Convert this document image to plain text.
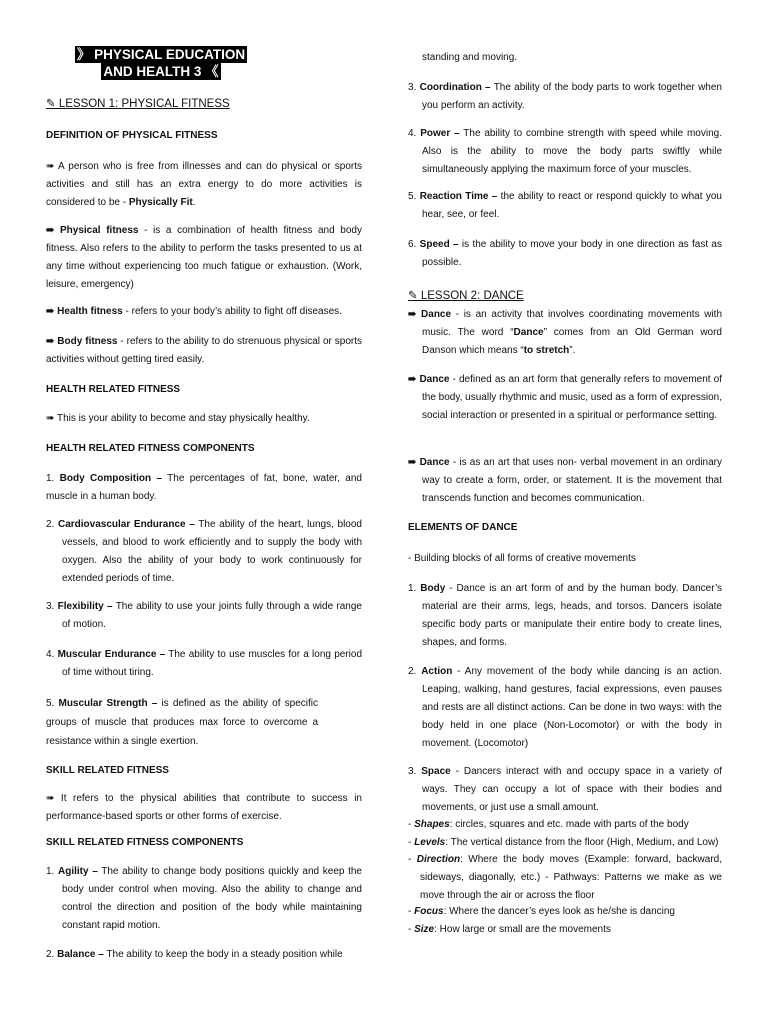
》 PHYSICAL EDUCATION
AND HEALTH 3 《
✎ LESSON 1: PHYSICAL FITNESS
DEFINITION OF PHYSICAL FITNESS

➠ A person who is free from illnesses and can do physical or sports activities and still has an extra energy to do more activities is considered to be - Physically Fit.

➠ Physical fitness - is a combination of health fitness and body fitness. Also refers to the ability to perform the tasks presented to us at any time without experiencing too much fatigue or exhaustion. (Work, leisure, emergency)

➠ Health fitness - refers to your body’s ability to fight off diseases.

➠ Body fitness - refers to the ability to do strenuous physical or sports activities without getting tired easily.

HEALTH RELATED FITNESS

➠ This is your ability to become and stay physically healthy.

HEALTH RELATED FITNESS COMPONENTS

1. Body Composition – The percentages of fat, bone, water, and muscle in a human body.

2. Cardiovascular Endurance – The ability of the heart, lungs, blood vessels, and blood to work efficiently and to supply the body with oxygen. Also the ability of your body to work continuously for extended periods of time.

3. Flexibility – The ability to use your joints fully through a wide range of motion.

4. Muscular Endurance – The ability to use muscles for a long period of time without tiring.

5. Muscular Strength – is defined as the ability of specific groups of muscle that produces max force to overcome a resistance within a single exertion.

SKILL RELATED FITNESS

➠ It refers to the physical abilities that contribute to success in performance-based sports or other forms of exercise.

SKILL RELATED FITNESS COMPONENTS

1. Agility – The ability to change body positions quickly and keep the body under control when moving. Also the ability to change and control the direction and position of the body while maintaining constant rapid motion.

2. Balance – The ability to keep the body in a steady position while

standing and moving.

3. Coordination – The ability of the body parts to work together when you perform an activity.

4. Power – The ability to combine strength with speed while moving. Also is the ability to move the body parts swiftly while simultaneously applying the maximum force of your muscles.

5. Reaction Time – the ability to react or respond quickly to what you hear, see, or feel.

6. Speed – is the ability to move your body in one direction as fast as possible.

✎ LESSON 2: DANCE

➠ Dance - is an activity that involves coordinating movements with music. The word “Dance” comes from an Old German word Danson which means “to stretch”.

➠ Dance - defined as an art form that generally refers to movement of the body, usually rhythmic and music, used as a form of expression, social interaction or presented in a spiritual or performance setting.

➠ Dance - is as an art that uses non- verbal movement in an ordinary way to create a form, order, or statement. It is the movement that transcends function and becomes communication.

ELEMENTS OF DANCE

- Building blocks of all forms of creative movements

1. Body - Dance is an art form of and by the human body. Dancer’s material are their arms, legs, heads, and torsos. Dancers isolate specific body parts or manipulate their entire body to create lines, shapes, and forms.

2. Action - Any movement of the body while dancing is an action. Leaping, walking, hand gestures, facial expressions, even pauses and rests are all distinct actions. Can be done in two ways: with the body held in one place (Non-Locomotor) or with the body in movement. (Locomotor)

3. Space - Dancers interact with and occupy space in a variety of ways. They can occupy a lot of space with their bodies and movements, or just use a small amount.

- Shapes: circles, squares and etc. made with parts of the body

- Levels: The vertical distance from the floor (High, Medium, and Low)

- Direction: Where the body moves (Example: forward, backward, sideways, diagonally, etc.) - Pathways: Patterns we make as we move through the air or across the floor

- Focus: Where the dancer’s eyes look as he/she is dancing

- Size: How large or small are the movements
